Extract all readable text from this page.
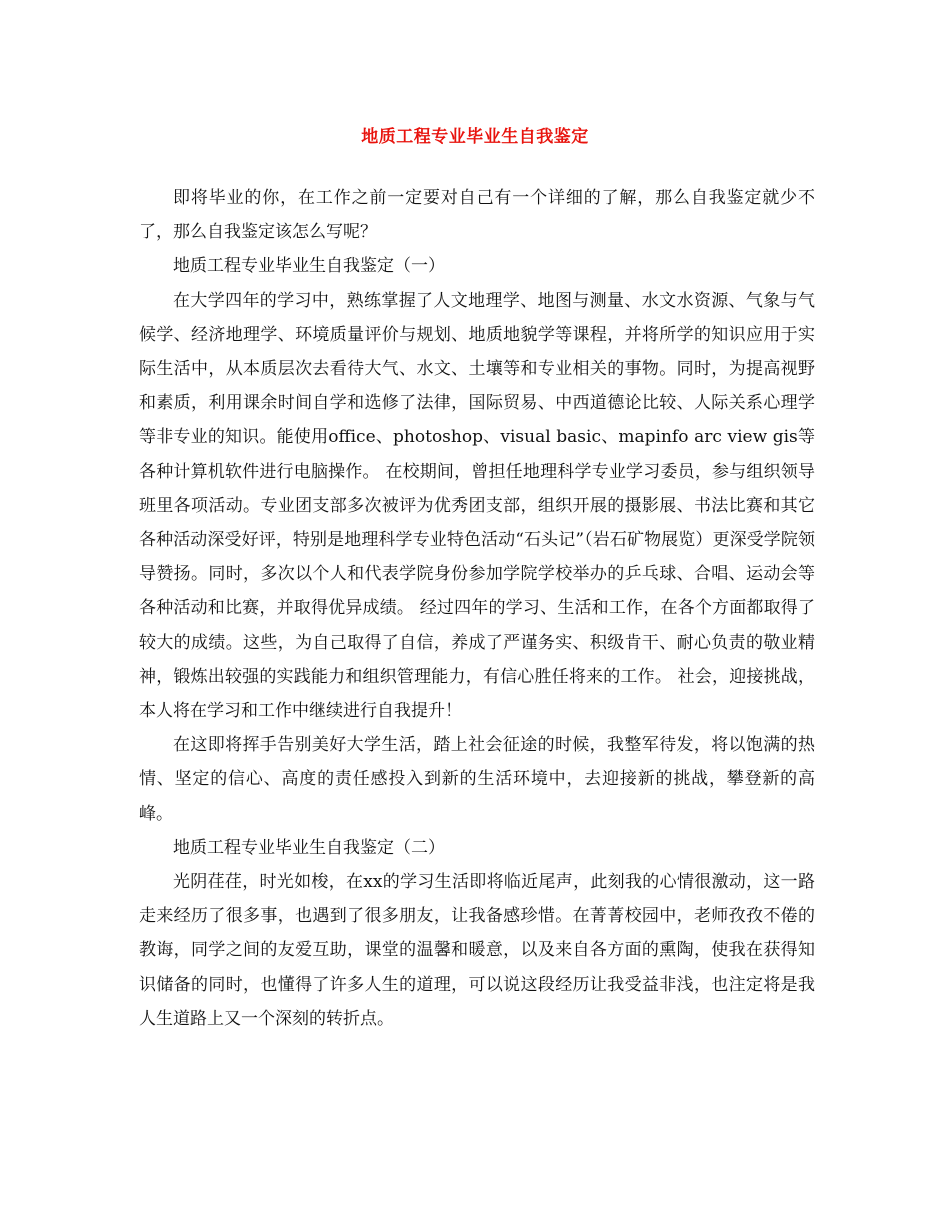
地质工程专业毕业生自我鉴定

即将毕业的你，在工作之前一定要对自己有一个详细的了解，那么自我鉴定就少不了，那么自我鉴定该怎么写呢？

地质工程专业毕业生自我鉴定（一）

在大学四年的学习中，熟练掌握了人文地理学、地图与测量、水文水资源、气象与气候学、经济地理学、环境质量评价与规划、地质地貌学等课程，并将所学的知识应用于实际生活中，从本质层次去看待大气、水文、土壤等和专业相关的事物。同时，为提高视野和素质，利用课余时间自学和选修了法律，国际贸易、中西道德论比较、人际关系心理学等非专业的知识。能使用office、photoshop、visual basic、mapinfo arc view gis等各种计算机软件进行电脑操作。 在校期间，曾担任地理科学专业学习委员，参与组织领导班里各项活动。专业团支部多次被评为优秀团支部，组织开展的摄影展、书法比赛和其它各种活动深受好评，特别是地理科学专业特色活动“石头记”（岩石矿物展览）更深受学院领导赞扬。同时，多次以个人和代表学院身份参加学院学校举办的乒乓球、合唱、运动会等各种活动和比赛，并取得优异成绩。 经过四年的学习、生活和工作，在各个方面都取得了较大的成绩。这些，为自己取得了自信，养成了严谨务实、积级肯干、耐心负责的敬业精神，锻炼出较强的实践能力和组织管理能力，有信心胜任将来的工作。 社会，迎接挑战，本人将在学习和工作中继续进行自我提升！

在这即将挥手告别美好大学生活，踏上社会征途的时候，我整军待发，将以饱满的热情、坚定的信心、高度的责任感投入到新的生活环境中，去迎接新的挑战，攀登新的高峰。

地质工程专业毕业生自我鉴定（二）

光阴荏荏，时光如梭，在xx的学习生活即将临近尾声，此刻我的心情很激动，这一路走来经历了很多事，也遇到了很多朋友，让我备感珍惜。在菁菁校园中，老师孜孜不倦的教诲，同学之间的友爱互助，课堂的温馨和暖意，以及来自各方面的熏陶，使我在获得知识储备的同时，也懂得了许多人生的道理，可以说这段经历让我受益非浅，也注定将是我人生道路上又一个深刻的转折点。
